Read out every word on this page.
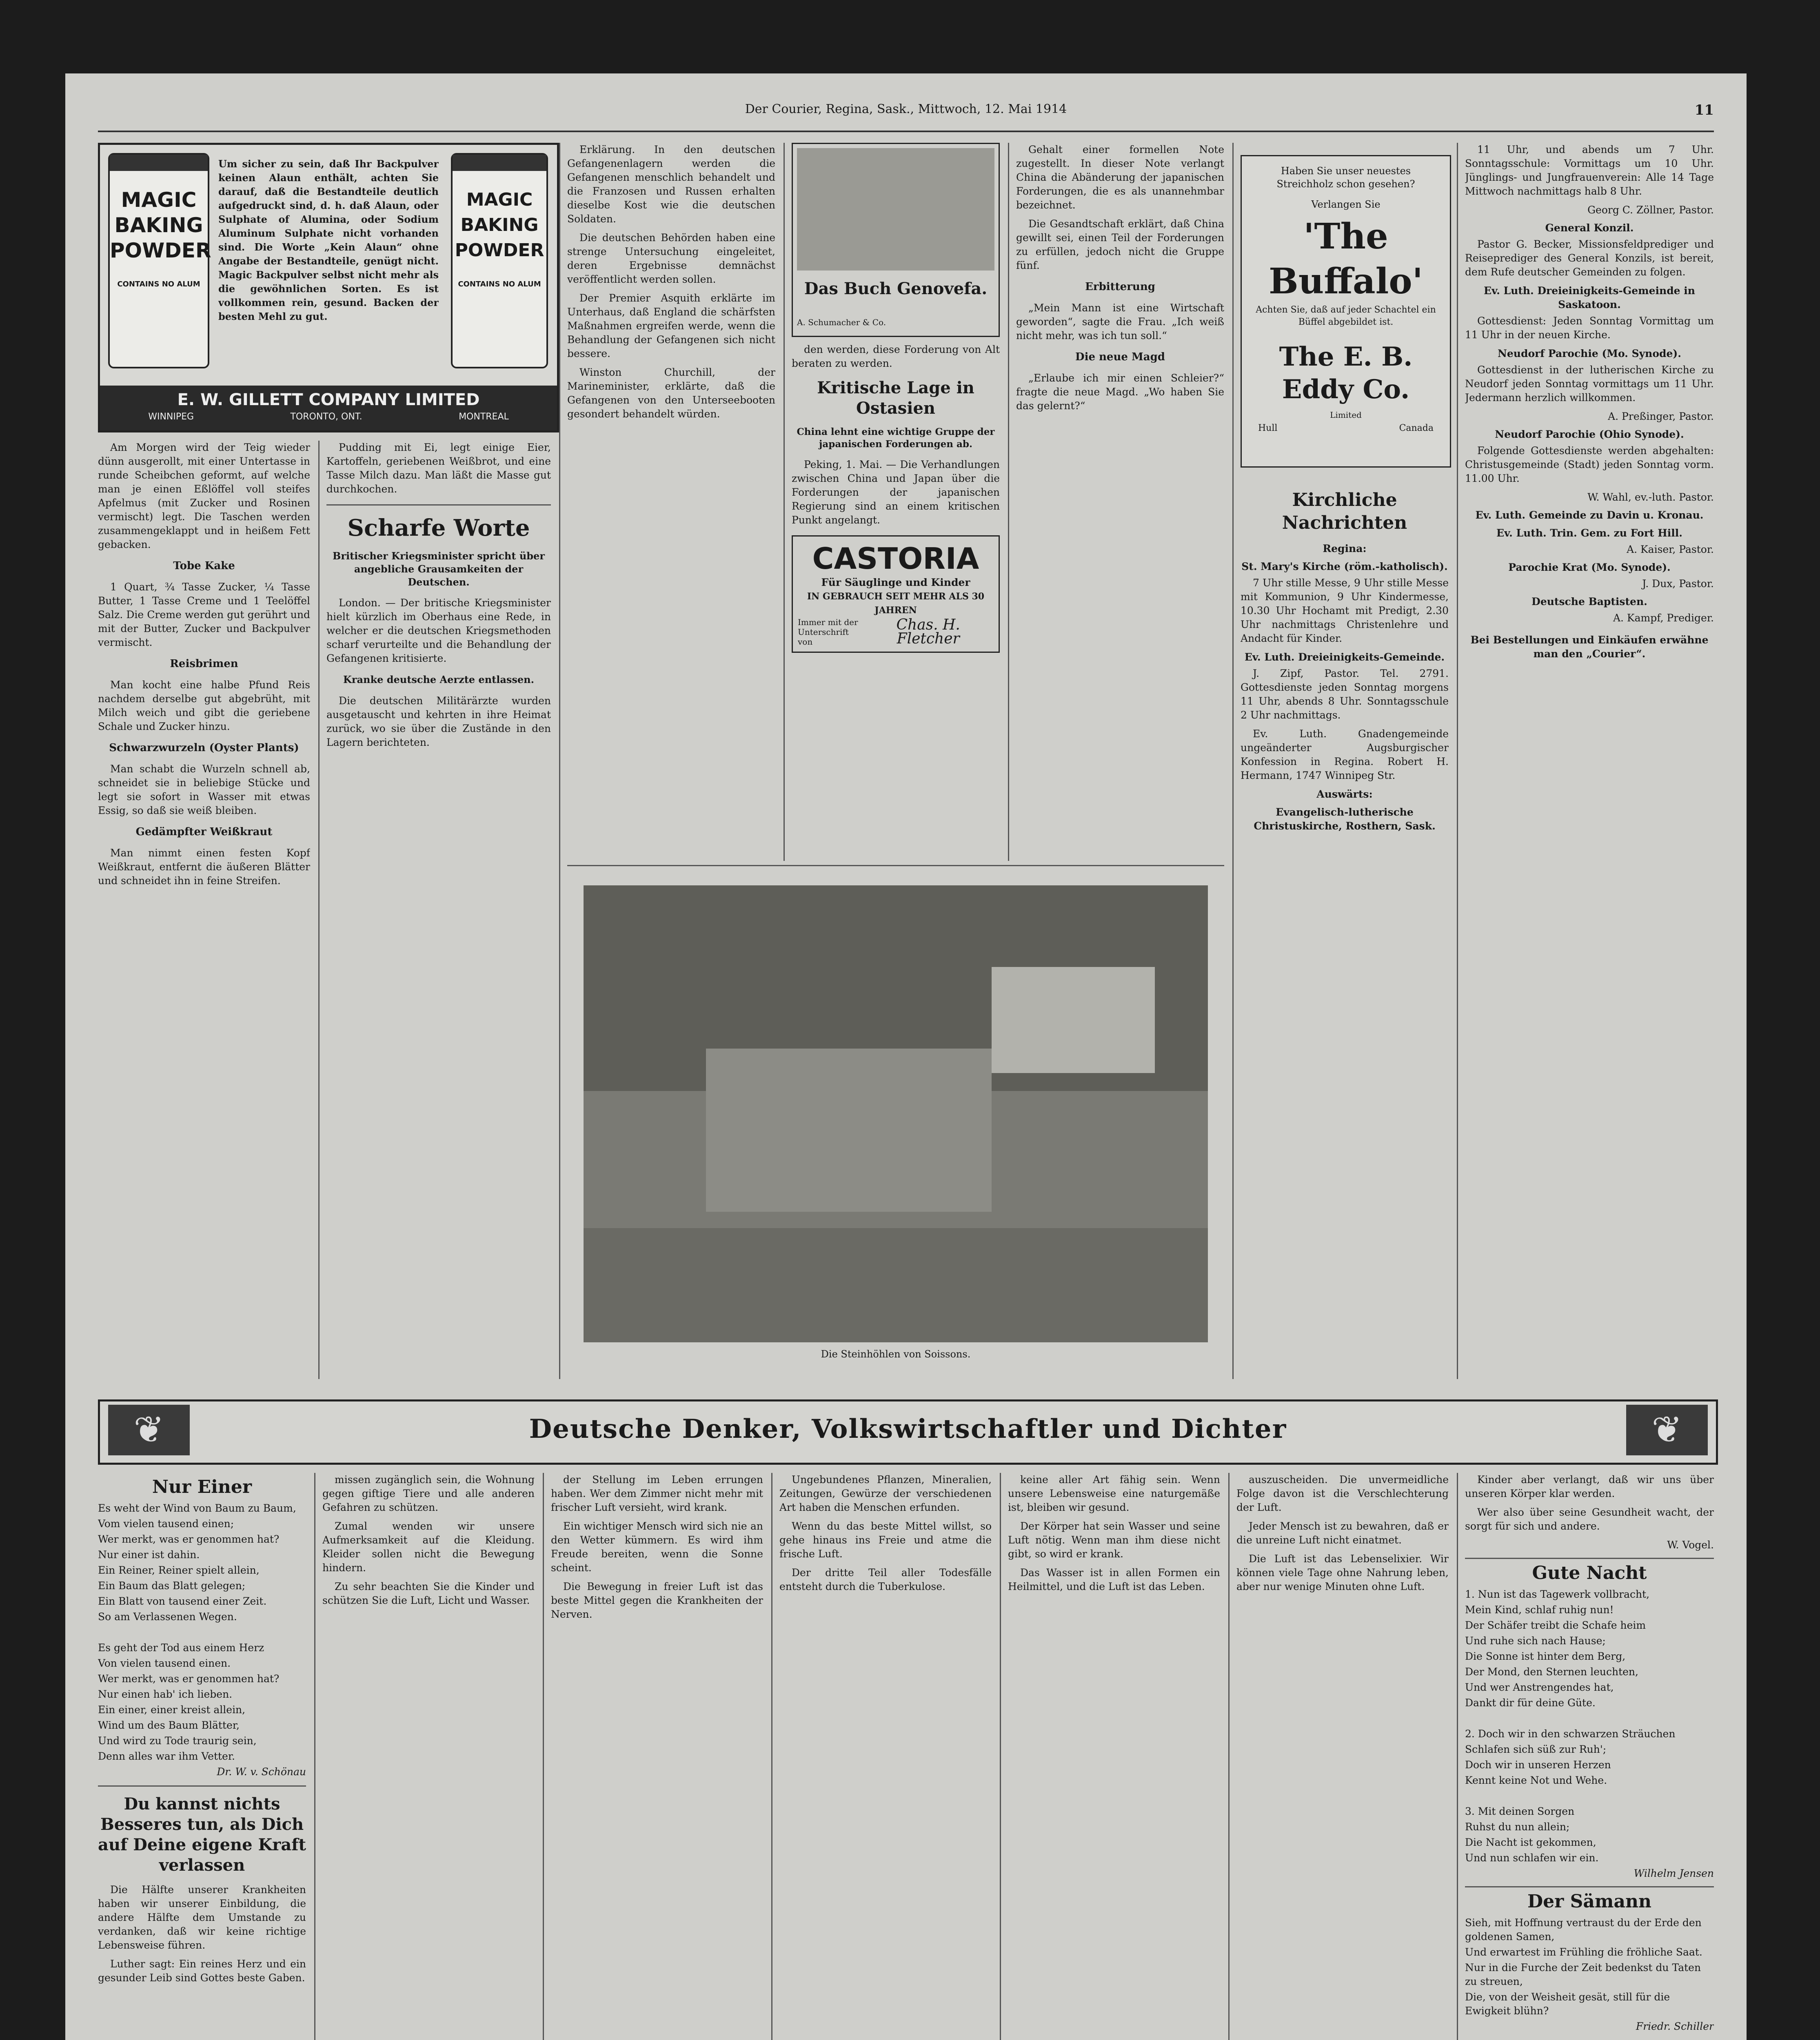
Der Courier, Regina, Sask., Mittwoch, 12. Mai 1914	11
MAGIC
BAKING
POWDER
CONTAINS NO ALUM
Um sicher zu sein, daß Ihr Backpulver keinen Alaun enthält, achten Sie darauf, daß die Bestandteile deutlich aufgedruckt sind, d. h. daß Alaun, oder Sulphate of Alumina, oder Sodium Aluminum Sulphate nicht vorhanden sind. Die Worte „Kein Alaun“ ohne Angabe der Bestandteile, genügt nicht. Magic Backpulver selbst nicht mehr als die gewöhnlichen Sorten. Es ist vollkommen rein, gesund. Backen der besten Mehl zu gut.
MAGIC
BAKING
POWDER
CONTAINS NO ALUM
E. W. GILLETT COMPANY LIMITED
WINNIPEG	TORONTO, ONT.	MONTREAL

Am Morgen wird der Teig wieder dünn ausgerollt, mit einer Untertasse in runde Scheibchen geformt, auf welche man je einen Eßlöffel voll steifes Apfelmus (mit Zucker und Rosinen vermischt) legt. Die Taschen werden zusammengeklappt und in heißem Fett gebacken.

Tobe Kake

1 Quart, ¾ Tasse Zucker, ¼ Tasse Butter, 1 Tasse Creme und 1 Teelöffel Salz. Die Creme werden gut gerührt und mit der Butter, Zucker und Backpulver vermischt.

Reisbrimen

Man kocht eine halbe Pfund Reis nachdem derselbe gut abgebrüht, mit Milch weich und gibt die geriebene Schale und Zucker hinzu.

Schwarzwurzeln (Oyster Plants)

Man schabt die Wurzeln schnell ab, schneidet sie in beliebige Stücke und legt sie sofort in Wasser mit etwas Essig, so daß sie weiß bleiben.

Gedämpfter Weißkraut

Man nimmt einen festen Kopf Weißkraut, entfernt die äußeren Blätter und schneidet ihn in feine Streifen.

Pudding mit Ei, legt einige Eier, Kartoffeln, geriebenen Weißbrot, und eine Tasse Milch dazu. Man läßt die Masse gut durchkochen.

Scharfe Worte
Britischer Kriegsminister spricht über angebliche Grausamkeiten der Deutschen.

London. — Der britische Kriegsminister hielt kürzlich im Oberhaus eine Rede, in welcher er die deutschen Kriegsmethoden scharf verurteilte und die Behandlung der Gefangenen kritisierte.

Kranke deutsche Aerzte entlassen.

Die deutschen Militärärzte wurden ausgetauscht und kehrten in ihre Heimat zurück, wo sie über die Zustände in den Lagern berichteten.

Erklärung. In den deutschen Gefangenenlagern werden die Gefangenen menschlich behandelt und die Franzosen und Russen erhalten dieselbe Kost wie die deutschen Soldaten.

Die deutschen Behörden haben eine strenge Untersuchung eingeleitet, deren Ergebnisse demnächst veröffentlicht werden sollen.

Der Premier Asquith erklärte im Unterhaus, daß England die schärfsten Maßnahmen ergreifen werde, wenn die Behandlung der Gefangenen sich nicht bessere.

Winston Churchill, der Marineminister, erklärte, daß die Gefangenen von den Unterseebooten gesondert behandelt würden.

Das Buch Genovefa.
A. Schumacher & Co.

den werden, diese Forderung von Alt beraten zu werden.

Kritische Lage in Ostasien
China lehnt eine wichtige Gruppe der japanischen Forderungen ab.

Peking, 1. Mai. — Die Verhandlungen zwischen China und Japan über die Forderungen der japanischen Regierung sind an einem kritischen Punkt angelangt.

CASTORIA
Für Säuglinge und Kinder
IN GEBRAUCH SEIT MEHR ALS 30 JAHREN
Immer mit der Unterschrift von
Chas. H. Fletcher

Gehalt einer formellen Note zugestellt. In dieser Note verlangt China die Abänderung der japanischen Forderungen, die es als unannehmbar bezeichnet.

Die Gesandtschaft erklärt, daß China gewillt sei, einen Teil der Forderungen zu erfüllen, jedoch nicht die Gruppe fünf.

Erbitterung

„Mein Mann ist eine Wirtschaft geworden“, sagte die Frau. „Ich weiß nicht mehr, was ich tun soll.“

Die neue Magd

„Erlaube ich mir einen Schleier?“ fragte die neue Magd. „Wo haben Sie das gelernt?“

Die Steinhöhlen von Soissons.
Haben Sie unser neuestes Streichholz schon gesehen?
Verlangen Sie
'The Buffalo'
Achten Sie, daß auf jeder Schachtel ein Büffel abgebildet ist.
The E. B. Eddy Co.
Limited
Hull	Canada
Kirchliche Nachrichten
Regina:
St. Mary's Kirche (röm.-katholisch).

7 Uhr stille Messe, 9 Uhr stille Messe mit Kommunion, 9 Uhr Kindermesse, 10.30 Uhr Hochamt mit Predigt, 2.30 Uhr nachmittags Christenlehre und Andacht für Kinder.

Ev. Luth. Dreieinigkeits-Gemeinde.

J. Zipf, Pastor. Tel. 2791. Gottesdienste jeden Sonntag morgens 11 Uhr, abends 8 Uhr. Sonntagsschule 2 Uhr nachmittags.

Ev. Luth. Gnadengemeinde ungeänderter Augsburgischer Konfession in Regina. Robert H. Hermann, 1747 Winnipeg Str.

Auswärts:
Evangelisch-lutherische Christuskirche, Rosthern, Sask.

11 Uhr, und abends um 7 Uhr. Sonntagsschule: Vormittags um 10 Uhr. Jünglings- und Jungfrauenverein: Alle 14 Tage Mittwoch nachmittags halb 8 Uhr.

Georg C. Zöllner, Pastor.
General Konzil.

Pastor G. Becker, Missionsfeldprediger und Reiseprediger des General Konzils, ist bereit, dem Rufe deutscher Gemeinden zu folgen.

Ev. Luth. Dreieinigkeits-Gemeinde in Saskatoon.

Gottesdienst: Jeden Sonntag Vormittag um 11 Uhr in der neuen Kirche.

Neudorf Parochie (Mo. Synode).

Gottesdienst in der lutherischen Kirche zu Neudorf jeden Sonntag vormittags um 11 Uhr. Jedermann herzlich willkommen.

A. Preßinger, Pastor.
Neudorf Parochie (Ohio Synode).

Folgende Gottesdienste werden abgehalten: Christusgemeinde (Stadt) jeden Sonntag vorm. 11.00 Uhr.

W. Wahl, ev.-luth. Pastor.
Ev. Luth. Gemeinde zu Davin u. Kronau.
Ev. Luth. Trin. Gem. zu Fort Hill.
A. Kaiser, Pastor.
Parochie Krat (Mo. Synode).
J. Dux, Pastor.
Deutsche Baptisten.
A. Kampf, Prediger.
Bei Bestellungen und Einkäufen erwähne man den „Courier“.
❦	Deutsche Denker, Volkswirtschaftler und Dichter	❦
Nur Einer

Es weht der Wind von Baum zu Baum,

Vom vielen tausend einen;

Wer merkt, was er genommen hat?

Nur einer ist dahin.

Ein Reiner, Reiner spielt allein,

Ein Baum das Blatt gelegen;

Ein Blatt von tausend einer Zeit.

So am Verlassenen Wegen.

Es geht der Tod aus einem Herz

Von vielen tausend einen.

Wer merkt, was er genommen hat?

Nur einen hab' ich lieben.

Ein einer, einer kreist allein,

Wind um des Baum Blätter,

Und wird zu Tode traurig sein,

Denn alles war ihm Vetter.

Dr. W. v. Schönau
Du kannst nichts Besseres tun, als Dich auf Deine eigene Kraft verlassen

Die Hälfte unserer Krankheiten haben wir unserer Einbildung, die andere Hälfte dem Umstande zu verdanken, daß wir keine richtige Lebensweise führen.

Luther sagt: Ein reines Herz und ein gesunder Leib sind Gottes beste Gaben.

missen zugänglich sein, die Wohnung gegen giftige Tiere und alle anderen Gefahren zu schützen.

Zumal wenden wir unsere Aufmerksamkeit auf die Kleidung. Kleider sollen nicht die Bewegung hindern.

Zu sehr beachten Sie die Kinder und schützen Sie die Luft, Licht und Wasser.

der Stellung im Leben errungen haben. Wer dem Zimmer nicht mehr mit frischer Luft versieht, wird krank.

Ein wichtiger Mensch wird sich nie an den Wetter kümmern. Es wird ihm Freude bereiten, wenn die Sonne scheint.

Die Bewegung in freier Luft ist das beste Mittel gegen die Krankheiten der Nerven.

Ungebundenes Pflanzen, Mineralien, Zeitungen, Gewürze der verschiedenen Art haben die Menschen erfunden.

Wenn du das beste Mittel willst, so gehe hinaus ins Freie und atme die frische Luft.

Der dritte Teil aller Todesfälle entsteht durch die Tuberkulose.

keine aller Art fähig sein. Wenn unsere Lebensweise eine naturgemäße ist, bleiben wir gesund.

Der Körper hat sein Wasser und seine Luft nötig. Wenn man ihm diese nicht gibt, so wird er krank.

Das Wasser ist in allen Formen ein Heilmittel, und die Luft ist das Leben.

auszuscheiden. Die unvermeidliche Folge davon ist die Verschlechterung der Luft.

Jeder Mensch ist zu bewahren, daß er die unreine Luft nicht einatmet.

Die Luft ist das Lebenselixier. Wir können viele Tage ohne Nahrung leben, aber nur wenige Minuten ohne Luft.

Kinder aber verlangt, daß wir uns über unseren Körper klar werden.

Wer also über seine Gesundheit wacht, der sorgt für sich und andere.

W. Vogel.
Gute Nacht

1. Nun ist das Tagewerk vollbracht,

Mein Kind, schlaf ruhig nun!

Der Schäfer treibt die Schafe heim

Und ruhe sich nach Hause;

Die Sonne ist hinter dem Berg,

Der Mond, den Sternen leuchten,

Und wer Anstrengendes hat,

Dankt dir für deine Güte.

2. Doch wir in den schwarzen Sträuchen

Schlafen sich süß zur Ruh';

Doch wir in unseren Herzen

Kennt keine Not und Wehe.

3. Mit deinen Sorgen

Ruhst du nun allein;

Die Nacht ist gekommen,

Und nun schlafen wir ein.

Wilhelm Jensen
Der Sämann

Sieh, mit Hoffnung vertraust du der Erde den goldenen Samen,

Und erwartest im Frühling die fröhliche Saat.

Nur in die Furche der Zeit bedenkst du Taten zu streuen,

Die, von der Weisheit gesät, still für die Ewigkeit blühn?

Friedr. Schiller
